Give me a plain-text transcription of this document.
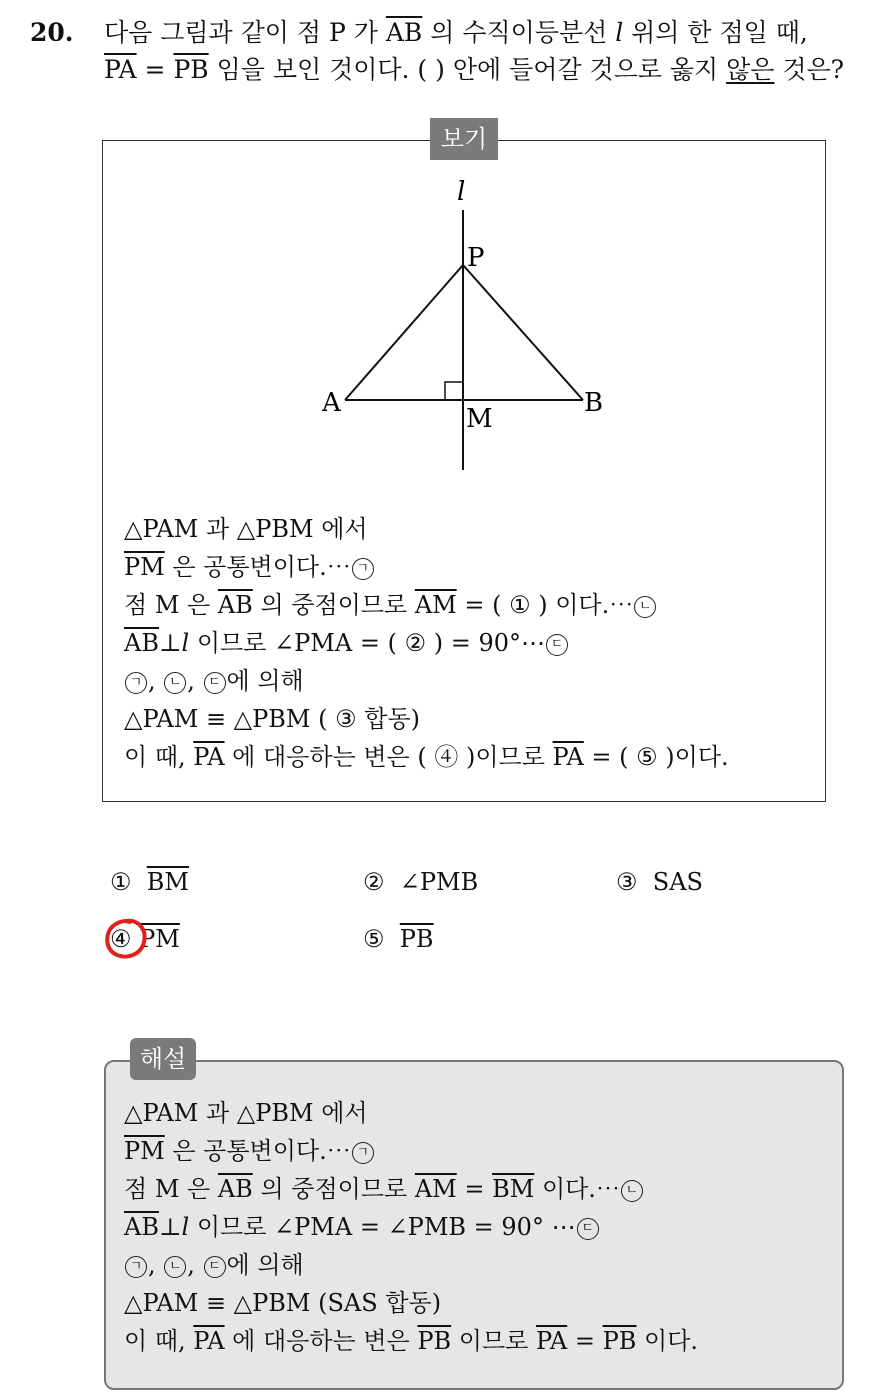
20. 다음 그림과 같이 점 P 가 $\overline{AB}$ 의 수직이등분선 l 위의 한 점일 때,
$\overline{PA} = \overline{PB}$ 임을 보인 것이다. ( ) 안에 들어갈 것으로 옳지 않은 것은?
보기
l
P
A	B
M
△PAM 과 △PBM 에서
$\overline{PM}$ 은 공통변이다.⋯ ㄱ
점 M 은 $\overline{AB}$ 의 중점이므로 $\overline{AM}$ = ( ① ) 이다.⋯ ㄴ
$\overline{AB}\perp l$ 이므로 ∠PMA = ( ② ) = 90°⋯ ㄷ
ㄱ , ㄴ , ㄷ 에 의해
△PAM ≡ △PBM ( ③ 합동)
이 때, $\overline{PA}$ 에 대응하는 변은 ( ④ )이므로 $\overline{PA}$ = ( ⑤ )이다.
① $\overline{BM}$	② ∠PMB	③ SAS
④ $\overline{PM}$	⑤ $\overline{PB}$
해설
△PAM 과 △PBM 에서
$\overline{PM}$ 은 공통변이다.⋯ ㄱ
점 M 은 $\overline{AB}$ 의 중점이므로 $\overline{AM} = \overline{BM}$ 이다.⋯ ㄴ
$\overline{AB}\perp l$ 이므로 ∠PMA = ∠PMB = 90° ⋯ ㄷ
ㄱ , ㄴ , ㄷ 에 의해
△PAM ≡ △PBM (SAS 합동)
이 때, $\overline{PA}$ 에 대응하는 변은 $\overline{PB}$ 이므로 $\overline{PA} = \overline{PB}$ 이다.
